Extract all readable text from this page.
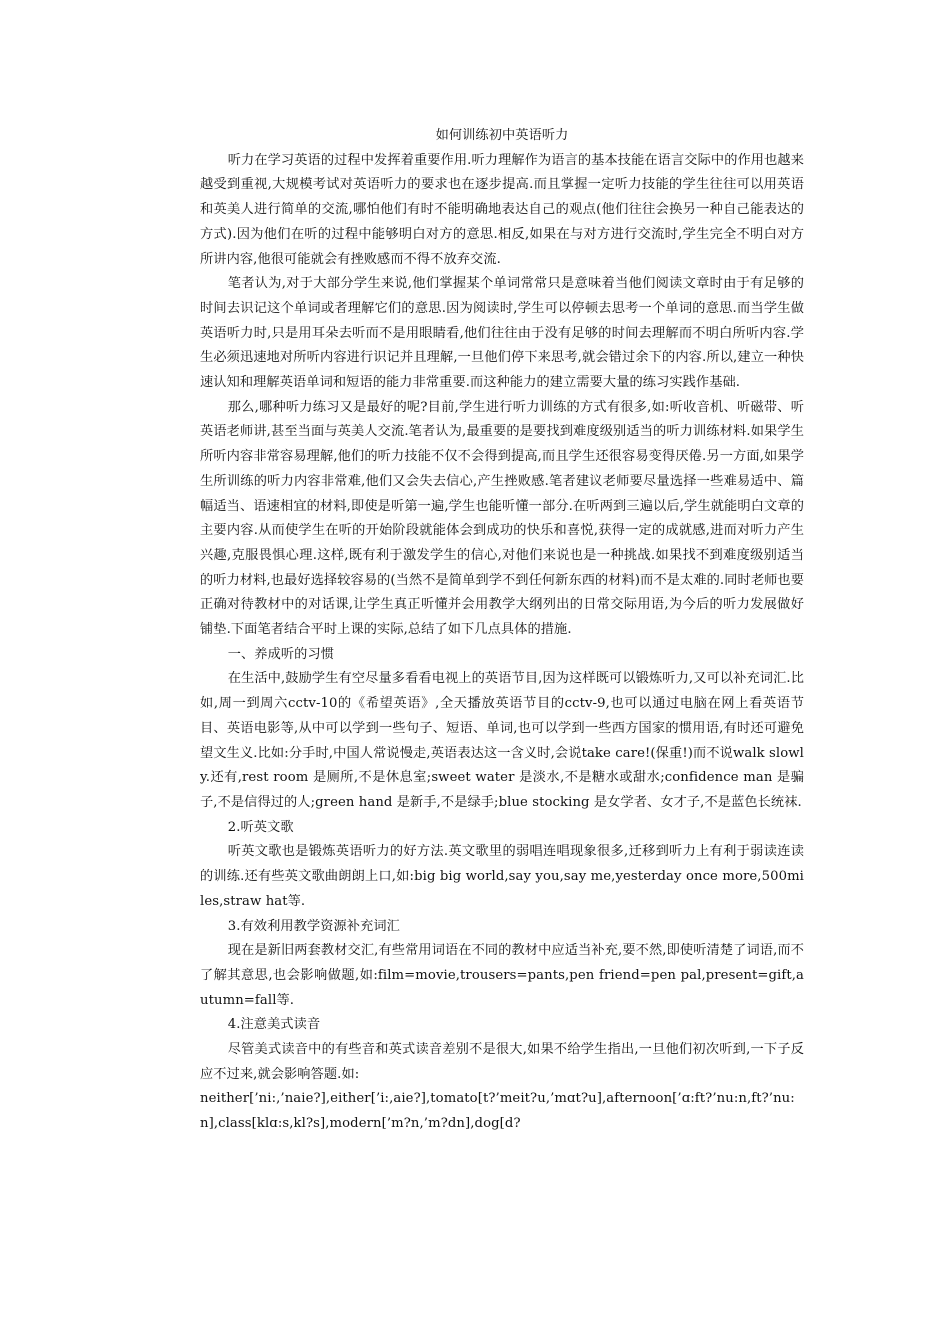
如何训练初中英语听力

听力在学习英语的过程中发挥着重要作用.听力理解作为语言的基本技能在语言交际中的作用也越来越受到重视,大规模考试对英语听力的要求也在逐步提高.而且掌握一定听力技能的学生往往可以用英语和英美人进行简单的交流,哪怕他们有时不能明确地表达自己的观点(他们往往会换另一种自己能表达的方式).因为他们在听的过程中能够明白对方的意思.相反,如果在与对方进行交流时,学生完全不明白对方所讲内容,他很可能就会有挫败感而不得不放弃交流.

笔者认为,对于大部分学生来说,他们掌握某个单词常常只是意味着当他们阅读文章时由于有足够的时间去识记这个单词或者理解它们的意思.因为阅读时,学生可以停顿去思考一个单词的意思.而当学生做英语听力时,只是用耳朵去听而不是用眼睛看,他们往往由于没有足够的时间去理解而不明白所听内容.学生必须迅速地对所听内容进行识记并且理解,一旦他们停下来思考,就会错过余下的内容.所以,建立一种快速认知和理解英语单词和短语的能力非常重要.而这种能力的建立需要大量的练习实践作基础.

那么,哪种听力练习又是最好的呢?目前,学生进行听力训练的方式有很多,如:听收音机、听磁带、听英语老师讲,甚至当面与英美人交流.笔者认为,最重要的是要找到难度级别适当的听力训练材料.如果学生所听内容非常容易理解,他们的听力技能不仅不会得到提高,而且学生还很容易变得厌倦.另一方面,如果学生所训练的听力内容非常难,他们又会失去信心,产生挫败感.笔者建议老师要尽量选择一些难易适中、篇幅适当、语速相宜的材料,即使是听第一遍,学生也能听懂一部分.在听两到三遍以后,学生就能明白文章的主要内容.从而使学生在听的开始阶段就能体会到成功的快乐和喜悦,获得一定的成就感,进而对听力产生兴趣,克服畏惧心理.这样,既有利于激发学生的信心,对他们来说也是一种挑战.如果找不到难度级别适当的听力材料,也最好选择较容易的(当然不是简单到学不到任何新东西的材料)而不是太难的.同时老师也要正确对待教材中的对话课,让学生真正听懂并会用教学大纲列出的日常交际用语,为今后的听力发展做好铺垫.下面笔者结合平时上课的实际,总结了如下几点具体的措施.

一、养成听的习惯

在生活中,鼓励学生有空尽量多看看电视上的英语节目,因为这样既可以锻炼听力,又可以补充词汇.比如,周一到周六cctv-10的《希望英语》,全天播放英语节目的cctv-9,也可以通过电脑在网上看英语节目、英语电影等,从中可以学到一些句子、短语、单词,也可以学到一些西方国家的惯用语,有时还可避免望文生义.比如:分手时,中国人常说慢走,英语表达这一含义时,会说take care!(保重!)而不说walk slowly.还有,rest room 是厕所,不是休息室;sweet water 是淡水,不是糖水或甜水;confidence man 是骗子,不是信得过的人;green hand 是新手,不是绿手;blue stocking 是女学者、女才子,不是蓝色长统袜.

2.听英文歌

听英文歌也是锻炼英语听力的好方法.英文歌里的弱唱连唱现象很多,迁移到听力上有利于弱读连读的训练.还有些英文歌曲朗朗上口,如:big big world,say you,say me,yesterday once more,500miles,straw hat等.

3.有效利用教学资源补充词汇

现在是新旧两套教材交汇,有些常用词语在不同的教材中应适当补充,要不然,即使听清楚了词语,而不了解其意思,也会影响做题,如:film=movie,trousers=pants,pen friend=pen pal,present=gift,autumn=fall等.

4.注意美式读音

尽管美式读音中的有些音和英式读音差别不是很大,如果不给学生指出,一旦他们初次听到,一下子反应不过来,就会影响答题.如:

neither[’ni:,’naie?],either[’i:,aie?],tomato[t?’meit?u,’mɑt?u],afternoon[’ɑ:ft?’nu:n,ft?’nu:n],class[klɑ:s,kl?s],modern[’m?n,’m?dn],dog[d?
